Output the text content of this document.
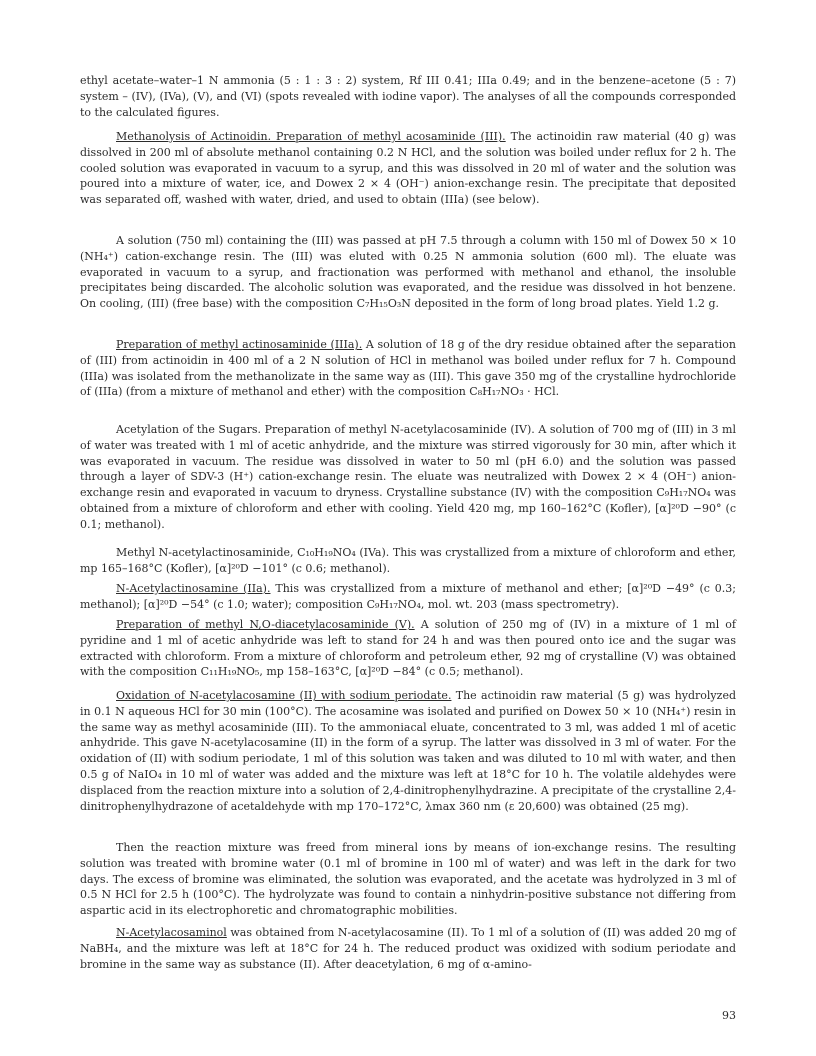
ethyl acetate–water–1 N ammonia (5 : 1 : 3 : 2) system, Rf III 0.41; IIIa 0.49; and in the benzene–acetone (5 : 7) system – (IV), (IVa), (V), and (VI) (spots revealed with iodine vapor). The analyses of all the compounds corresponded to the calculated figures.

Methanolysis of Actinoidin. Preparation of methyl acosaminide (III). The actinoidin raw material (40 g) was dissolved in 200 ml of absolute methanol containing 0.2 N HCl, and the solution was boiled under reflux for 2 h. The cooled solution was evaporated in vacuum to a syrup, and this was dissolved in 20 ml of water and the solution was poured into a mixture of water, ice, and Dowex 2 × 4 (OH⁻) anion-exchange resin. The precipitate that deposited was separated off, washed with water, dried, and used to obtain (IIIa) (see below).

A solution (750 ml) containing the (III) was passed at pH 7.5 through a column with 150 ml of Dowex 50 × 10 (NH₄⁺) cation-exchange resin. The (III) was eluted with 0.25 N ammonia solution (600 ml). The eluate was evaporated in vacuum to a syrup, and fractionation was performed with methanol and ethanol, the insoluble precipitates being discarded. The alcoholic solution was evaporated, and the residue was dissolved in hot benzene. On cooling, (III) (free base) with the composition C₇H₁₅O₃N deposited in the form of long broad plates. Yield 1.2 g.

Preparation of methyl actinosaminide (IIIa). A solution of 18 g of the dry residue obtained after the separation of (III) from actinoidin in 400 ml of a 2 N solution of HCl in methanol was boiled under reflux for 7 h. Compound (IIIa) was isolated from the methanolizate in the same way as (III). This gave 350 mg of the crystalline hydrochloride of (IIIa) (from a mixture of methanol and ether) with the composition C₈H₁₇NO₃ · HCl.

Acetylation of the Sugars. Preparation of methyl N-acetylacosaminide (IV). A solution of 700 mg of (III) in 3 ml of water was treated with 1 ml of acetic anhydride, and the mixture was stirred vigorously for 30 min, after which it was evaporated in vacuum. The residue was dissolved in water to 50 ml (pH 6.0) and the solution was passed through a layer of SDV-3 (H⁺) cation-exchange resin. The eluate was neutralized with Dowex 2 × 4 (OH⁻) anion-exchange resin and evaporated in vacuum to dryness. Crystalline substance (IV) with the composition C₉H₁₇NO₄ was obtained from a mixture of chloroform and ether with cooling. Yield 420 mg, mp 160–162°C (Kofler), [α]²⁰D −90° (c 0.1; methanol).

Methyl N-acetylactinosaminide, C₁₀H₁₉NO₄ (IVa). This was crystallized from a mixture of chloroform and ether, mp 165–168°C (Kofler), [α]²⁰D −101° (c 0.6; methanol).

N-Acetylactinosamine (IIa). This was crystallized from a mixture of methanol and ether; [α]²⁰D −49° (c 0.3; methanol); [α]²⁰D −54° (c 1.0; water); composition C₉H₁₇NO₄, mol. wt. 203 (mass spectrometry).

Preparation of methyl N,O-diacetylacosaminide (V). A solution of 250 mg of (IV) in a mixture of 1 ml of pyridine and 1 ml of acetic anhydride was left to stand for 24 h and was then poured onto ice and the sugar was extracted with chloroform. From a mixture of chloroform and petroleum ether, 92 mg of crystalline (V) was obtained with the composition C₁₁H₁₉NO₅, mp 158–163°C, [α]²⁰D −84° (c 0.5; methanol).

Oxidation of N-acetylacosamine (II) with sodium periodate. The actinoidin raw material (5 g) was hydrolyzed in 0.1 N aqueous HCl for 30 min (100°C). The acosamine was isolated and purified on Dowex 50 × 10 (NH₄⁺) resin in the same way as methyl acosaminide (III). To the ammoniacal eluate, concentrated to 3 ml, was added 1 ml of acetic anhydride. This gave N-acetylacosamine (II) in the form of a syrup. The latter was dissolved in 3 ml of water. For the oxidation of (II) with sodium periodate, 1 ml of this solution was taken and was diluted to 10 ml with water, and then 0.5 g of NaIO₄ in 10 ml of water was added and the mixture was left at 18°C for 10 h. The volatile aldehydes were displaced from the reaction mixture into a solution of 2,4-dinitrophenylhydrazine. A precipitate of the crystalline 2,4-dinitrophenylhydrazone of acetaldehyde with mp 170–172°C, λmax 360 nm (ε 20,600) was obtained (25 mg).

Then the reaction mixture was freed from mineral ions by means of ion-exchange resins. The resulting solution was treated with bromine water (0.1 ml of bromine in 100 ml of water) and was left in the dark for two days. The excess of bromine was eliminated, the solution was evaporated, and the acetate was hydrolyzed in 3 ml of 0.5 N HCl for 2.5 h (100°C). The hydrolyzate was found to contain a ninhydrin-positive substance not differing from aspartic acid in its electrophoretic and chromatographic mobilities.

N-Acetylacosaminol was obtained from N-acetylacosamine (II). To 1 ml of a solution of (II) was added 20 mg of NaBH₄, and the mixture was left at 18°C for 24 h. The reduced product was oxidized with sodium periodate and bromine in the same way as substance (II). After deacetylation, 6 mg of α-amino-

93
